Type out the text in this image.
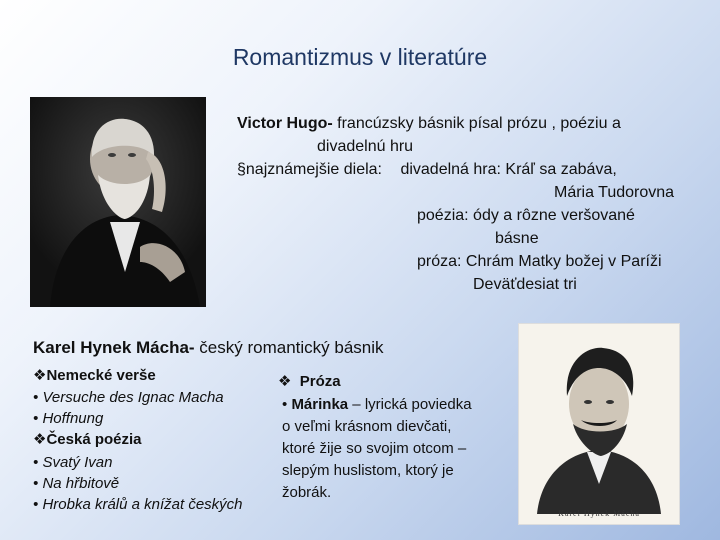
Romantizmus v literatúre
Victor Hugo- francúzsky básnik písal prózu , poéziu a
divadelnú hru
§najznámejšie diela: divadelná hra: Kráľ sa zabáva,
Mária Tudorovna
poézia: ódy a rôzne veršované
básne
próza: Chrám Matky božej v Paríži
Deväťdesiat tri
Karel Hynek Mácha- český romantický básnik
❖Nemecké verše
• Versuche des Ignac Macha
• Hoffnung
❖Česká poézia
• Svatý Ivan
• Na hřbitově
• Hrobka králů a knížat českých
❖ Próza
• Márinka – lyrická poviedka
o veľmi krásnom dievčati,
ktoré žije so svojim otcom –
slepým huslistom, ktorý je
žobrák.
Karel Hynek Mácha
